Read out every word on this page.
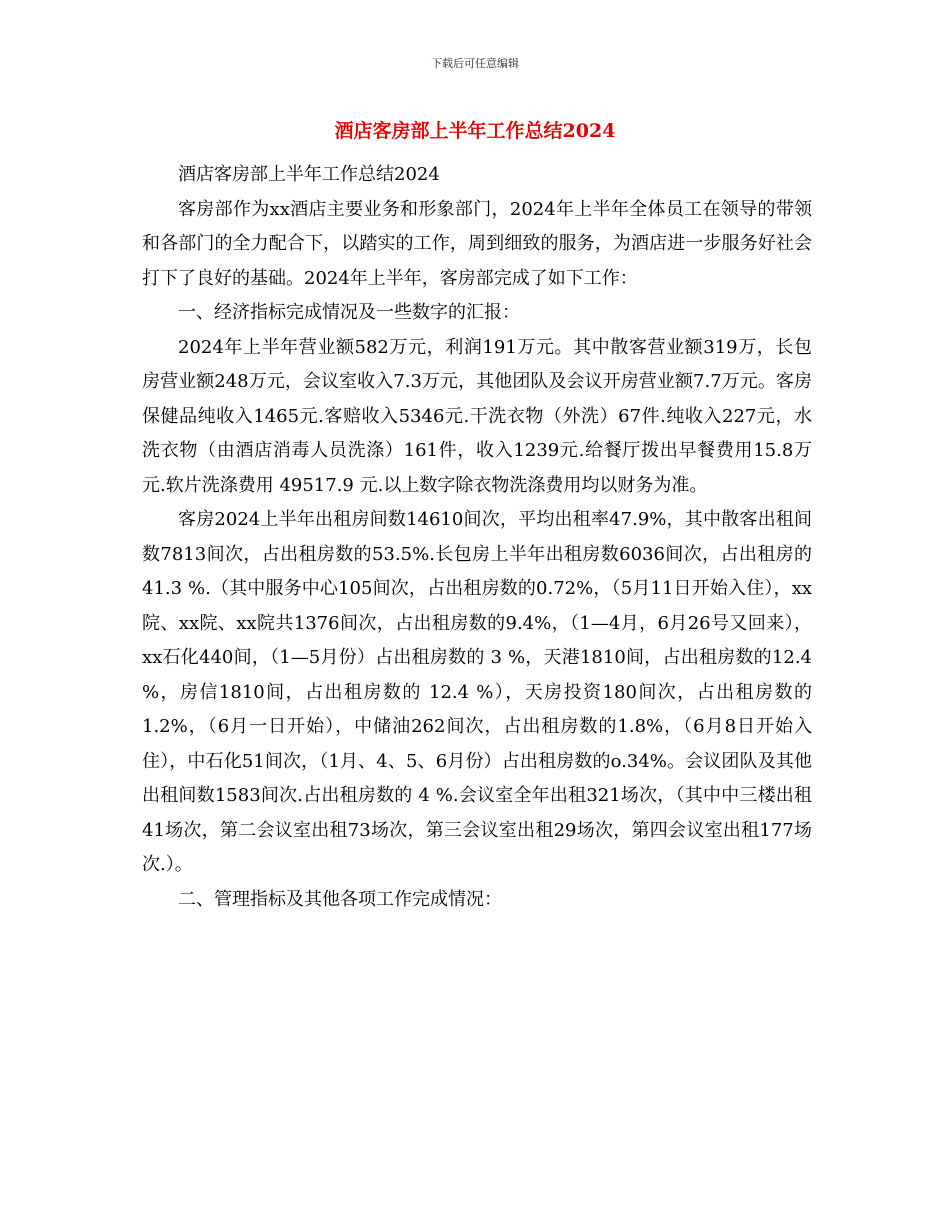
下载后可任意编辑
酒店客房部上半年工作总结2024

酒店客房部上半年工作总结2024

客房部作为xx酒店主要业务和形象部门，2024年上半年全体员工在领导的带领和各部门的全力配合下，以踏实的工作，周到细致的服务，为酒店进一步服务好社会打下了良好的基础。2024年上半年，客房部完成了如下工作：

一、经济指标完成情况及一些数字的汇报：

2024年上半年营业额582万元，利润191万元。其中散客营业额319万，长包房营业额248万元，会议室收入7.3万元，其他团队及会议开房营业额7.7万元。客房保健品纯收入1465元.客赔收入5346元.干洗衣物（外洗）67件.纯收入227元，水洗衣物（由酒店消毒人员洗涤）161件，收入1239元.给餐厅拨出早餐费用15.8万元.软片洗涤费用 49517.9 元.以上数字除衣物洗涤费用均以财务为准。

客房2024上半年出租房间数14610间次，平均出租率47.9%，其中散客出租间数7813间次，占出租房数的53.5%.长包房上半年出租房数6036间次，占出租房的 41.3 %.（其中服务中心105间次，占出租房数的0.72%，（5月11日开始入住），xx院、xx院、xx院共1376间次，占出租房数的9.4%，（1—4月，6月26号又回来），xx石化440间，（1—5月份）占出租房数的 3 %，天港1810间，占出租房数的12.4 %，房信1810间，占出租房数的 12.4 %），天房投资180间次，占出租房数的1.2%，（6月一日开始），中储油262间次，占出租房数的1.8%，（6月8日开始入住），中石化51间次，（1月、4、5、6月份）占出租房数的o.34%。会议团队及其他出租间数1583间次.占出租房数的 4 %.会议室全年出租321场次，（其中中三楼出租41场次，第二会议室出租73场次，第三会议室出租29场次，第四会议室出租177场次.）。

二、管理指标及其他各项工作完成情况：
